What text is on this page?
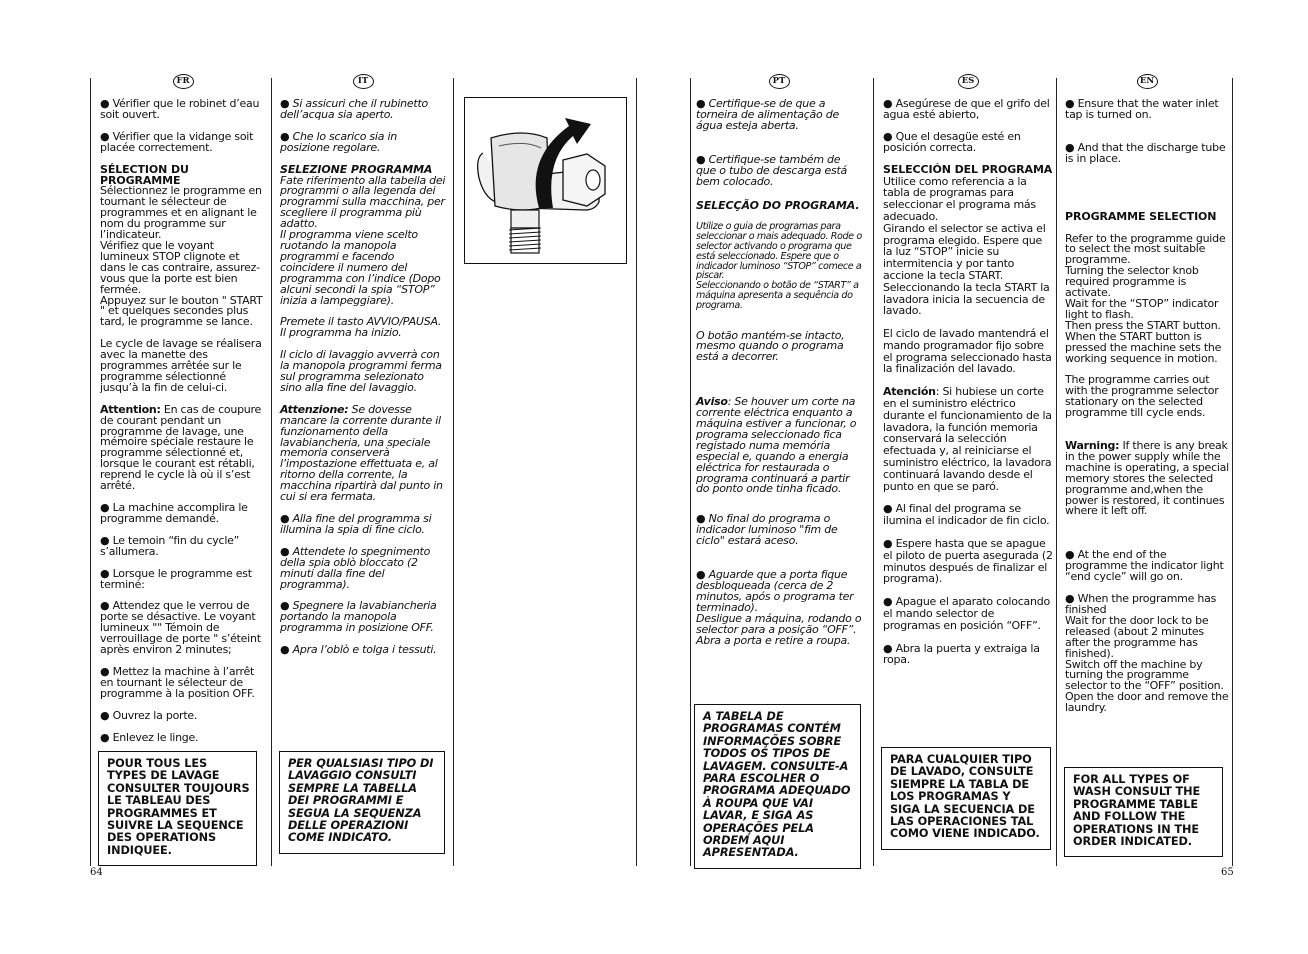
FR

● Vérifier que le robinet d’eau soit ouvert.

● Vérifier que la vidange soit placée correctement.

SÉLECTION DU PROGRAMME

Sélectionnez le programme en tournant le sélecteur de programmes et en alignant le nom du programme sur l’indicateur.
Vérifiez que le voyant lumineux STOP clignote et dans le cas contraire, assurez-vous que la porte est bien fermée.
Appuyez sur le bouton " START " et quelques secondes plus tard, le programme se lance.

Le cycle de lavage se réalisera avec la manette des programmes arrêtée sur le programme sélectionné jusqu’à la fin de celui-ci.

Attention: En cas de coupure de courant pendant un programme de lavage, une mémoire spéciale restaure le programme sélectionné et, lorsque le courant est rétabli, reprend le cycle là où il s’est arrêté.

● La machine accomplira le programme demandé.

● Le temoin “fin du cycle” s’allumera.

● Lorsque le programme est terminé:

● Attendez que le verrou de porte se désactive. Le voyant lumineux "" Témoin de verrouillage de porte " s’éteint après environ 2 minutes;

● Mettez la machine à l’arrêt en tournant le sélecteur de programme à la position OFF.

● Ouvrez la porte.

● Enlevez le linge.

POUR TOUS LES TYPES DE LAVAGE CONSULTER TOUJOURS LE TABLEAU DES PROGRAMMES ET SUIVRE LA SEQUENCE DES OPERATIONS INDIQUEE.
IT

● Si assicuri che il rubinetto dell’acqua sia aperto.

● Che lo scarico sia in posizione regolare.

SELEZIONE PROGRAMMA

Fate riferimento alla tabella dei programmi o alla legenda dei programmi sulla macchina, per scegliere il programma più adatto.
Il programma viene scelto ruotando la manopola programmi e facendo coincidere il numero del programma con l’indice (Dopo alcuni secondi la spia “STOP” inizia a lampeggiare).

Premete il tasto AVVIO/PAUSA.
Il programma ha inizio.

Il ciclo di lavaggio avverrà con la manopola programmi ferma sul programma selezionato sino alla fine del lavaggio.

Attenzione: Se dovesse mancare la corrente durante il funzionamento della lavabiancheria, una speciale memoria conserverà l’impostazione effettuata e, al ritorno della corrente, la macchina ripartirà dal punto in cui si era fermata.

● Alla fine del programma si illumina la spia di fine ciclo.

● Attendete lo spegnimento della spia oblò bloccato (2 minuti dalla fine del programma).

● Spegnere la lavabiancheria portando la manopola programma in posizione OFF.

● Apra l’oblò e tolga i tessuti.

PER QUALSIASI TIPO DI LAVAGGIO CONSULTI SEMPRE LA TABELLA DEI PROGRAMMI E SEGUA LA SEQUENZA DELLE OPERAZIONI COME INDICATO.
PT

● Certifique-se de que a torneira de alimentação de água esteja aberta.

● Certifique-se também de que o tubo de descarga está bem colocado.

SELECÇÃO DO PROGRAMA.

Utilize o guia de programas para seleccionar o mais adequado. Rode o selector activando o programa que está seleccionado. Espere que o indicador luminoso “STOP” comece a piscar.
Seleccionando o botão de “START” a máquina apresenta a sequência do programa.

O botão mantém-se intacto, mesmo quando o programa está a decorrer.

Aviso: Se houver um corte na corrente eléctrica enquanto a máquina estiver a funcionar, o programa seleccionado fica registado numa memória especial e, quando a energia eléctrica for restaurada o programa continuará a partir do ponto onde tinha ficado.

● No final do programa o indicador luminoso "fim de ciclo" estará aceso.

● Aguarde que a porta fique desbloqueada (cerca de 2 minutos, após o programa ter terminado).
Desligue a máquina, rodando o selector para a posição “OFF”.
Abra a porta e retire a roupa.

A TABELA DE PROGRAMAS CONTÉM INFORMAÇÕES SOBRE TODOS OS TIPOS DE LAVAGEM. CONSULTE-A PARA ESCOLHER O PROGRAMA ADEQUADO À ROUPA QUE VAI LAVAR, E SIGA AS OPERAÇÕES PELA ORDEM AQUI APRESENTADA.
ES

● Asegúrese de que el grifo del agua esté abierto,

● Que el desagüe esté en posición correcta.

SELECCIÓN DEL PROGRAMA

Utilice como referencia a la tabla de programas para seleccionar el programa más adecuado.
Girando el selector se activa el programa elegido. Espere que la luz “STOP” inicie su intermitencia y por tanto accione la tecla START.
Seleccionando la tecla START la lavadora inicia la secuencia de lavado.

El ciclo de lavado mantendrá el mando programador fijo sobre el programa seleccionado hasta la finalización del lavado.

Atención: Si hubiese un corte en el suministro eléctrico durante el funcionamiento de la lavadora, la función memoria conservará la selección efectuada y, al reiniciarse el suministro eléctrico, la lavadora continuará lavando desde el punto en que se paró.

● Al final del programa se ilumina el indicador de fin ciclo.

● Espere hasta que se apague el piloto de puerta asegurada (2 minutos después de finalizar el programa).

● Apague el aparato colocando el mando selector de programas en posición “OFF”.

● Abra la puerta y extraiga la ropa.

PARA CUALQUIER TIPO DE LAVADO, CONSULTE SIEMPRE LA TABLA DE LOS PROGRAMAS Y SIGA LA SECUENCIA DE LAS OPERACIONES TAL COMO VIENE INDICADO.
EN

● Ensure that the water inlet tap is turned on.

● And that the discharge tube is in place.

PROGRAMME SELECTION

Refer to the programme guide to select the most suitable programme.
Turning the selector knob required programme is activate.
Wait for the “STOP” indicator light to flash.
Then press the START button.
When the START button is pressed the machine sets the working sequence in motion.

The programme carries out with the programme selector stationary on the selected programme till cycle ends.

Warning: If there is any break in the power supply while the machine is operating, a special memory stores the selected programme and,when the power is restored, it continues where it left off.

● At the end of the programme the indicator light “end cycle” will go on.

● When the programme has finished
Wait for the door lock to be released (about 2 minutes after the programme has finished).
Switch off the machine by turning the programme selector to the “OFF” position.
Open the door and remove the laundry.

FOR ALL TYPES OF WASH CONSULT THE PROGRAMME TABLE AND FOLLOW THE OPERATIONS IN THE ORDER INDICATED.
64	65
